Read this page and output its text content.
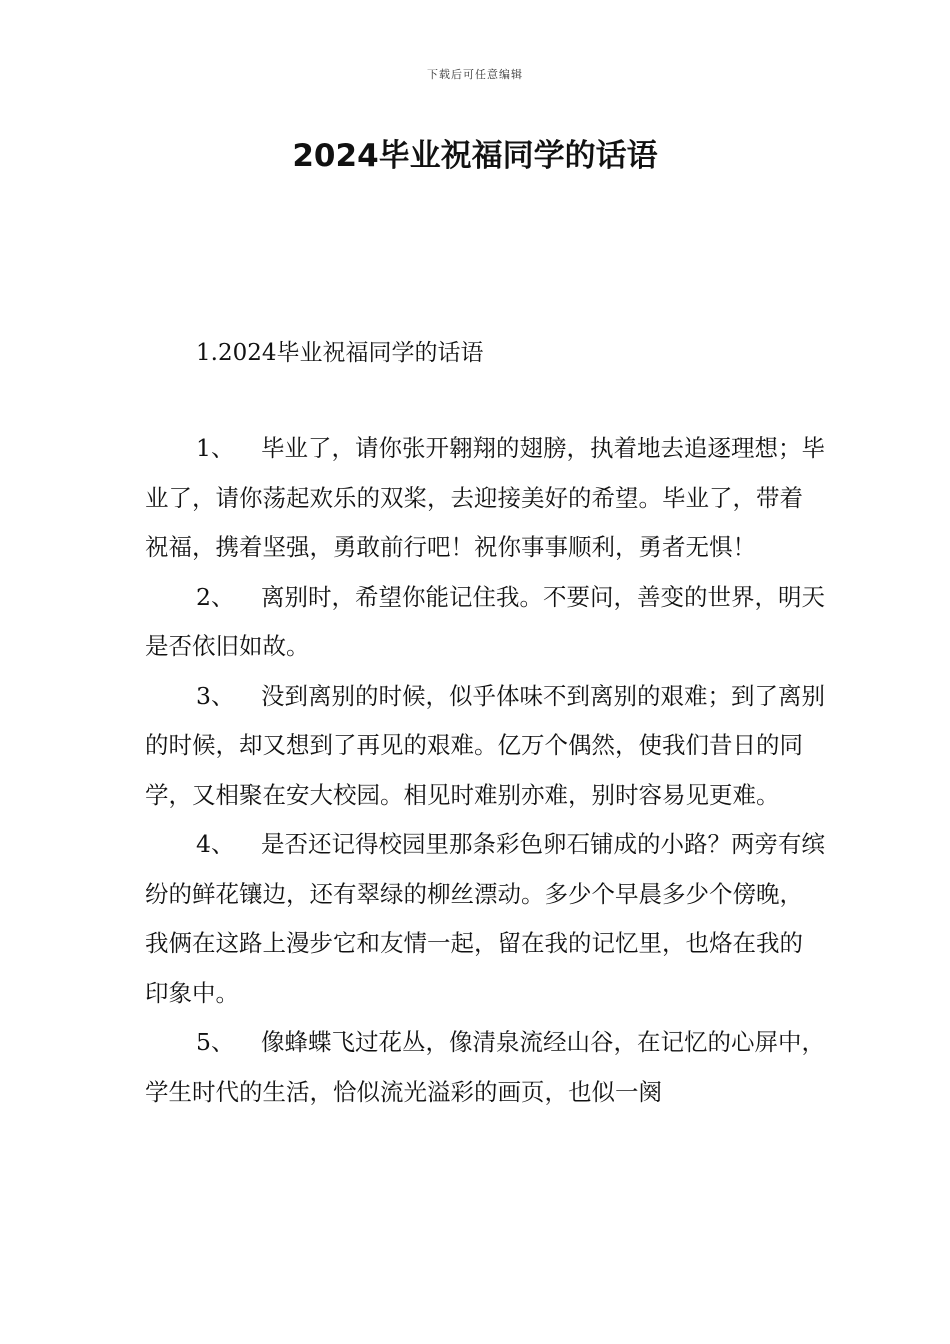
下载后可任意编辑
2024毕业祝福同学的话语
1.2024毕业祝福同学的话语

1、 毕业了，请你张开翱翔的翅膀，执着地去追逐理想；毕业了，请你荡起欢乐的双桨，去迎接美好的希望。毕业了，带着祝福，携着坚强，勇敢前行吧！祝你事事顺利，勇者无惧！

2、 离别时，希望你能记住我。不要问，善变的世界，明天是否依旧如故。

3、 没到离别的时候，似乎体味不到离别的艰难；到了离别的时候，却又想到了再见的艰难。亿万个偶然，使我们昔日的同学，又相聚在安大校园。相见时难别亦难，别时容易见更难。

4、 是否还记得校园里那条彩色卵石铺成的小路？两旁有缤纷的鲜花镶边，还有翠绿的柳丝漂动。多少个早晨多少个傍晚，我俩在这路上漫步它和友情一起，留在我的记忆里，也烙在我的印象中。

5、 像蜂蝶飞过花丛，像清泉流经山谷，在记忆的心屏中，学生时代的生活，恰似流光溢彩的画页，也似一阕
